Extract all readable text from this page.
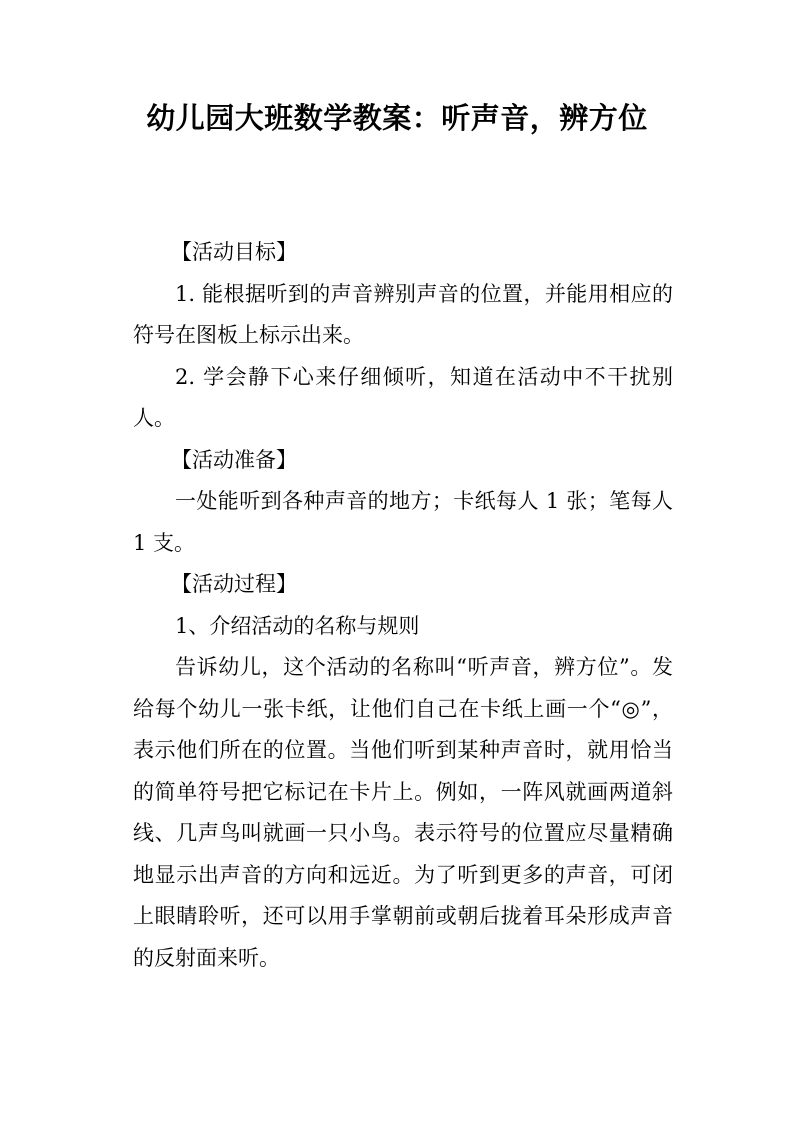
幼儿园大班数学教案：听声音，辨方位

【活动目标】

1. 能根据听到的声音辨别声音的位置，并能用相应的符号在图板上标示出来。

2. 学会静下心来仔细倾听，知道在活动中不干扰别人。

【活动准备】

一处能听到各种声音的地方；卡纸每人 1 张；笔每人 1 支。

【活动过程】

1、介绍活动的名称与规则

告诉幼儿，这个活动的名称叫“听声音，辨方位”。发给每个幼儿一张卡纸，让他们自己在卡纸上画一个“◎”，表示他们所在的位置。当他们听到某种声音时，就用恰当的简单符号把它标记在卡片上。例如，一阵风就画两道斜线、几声鸟叫就画一只小鸟。表示符号的位置应尽量精确地显示出声音的方向和远近。为了听到更多的声音，可闭上眼睛聆听，还可以用手掌朝前或朝后拢着耳朵形成声音的反射面来听。
